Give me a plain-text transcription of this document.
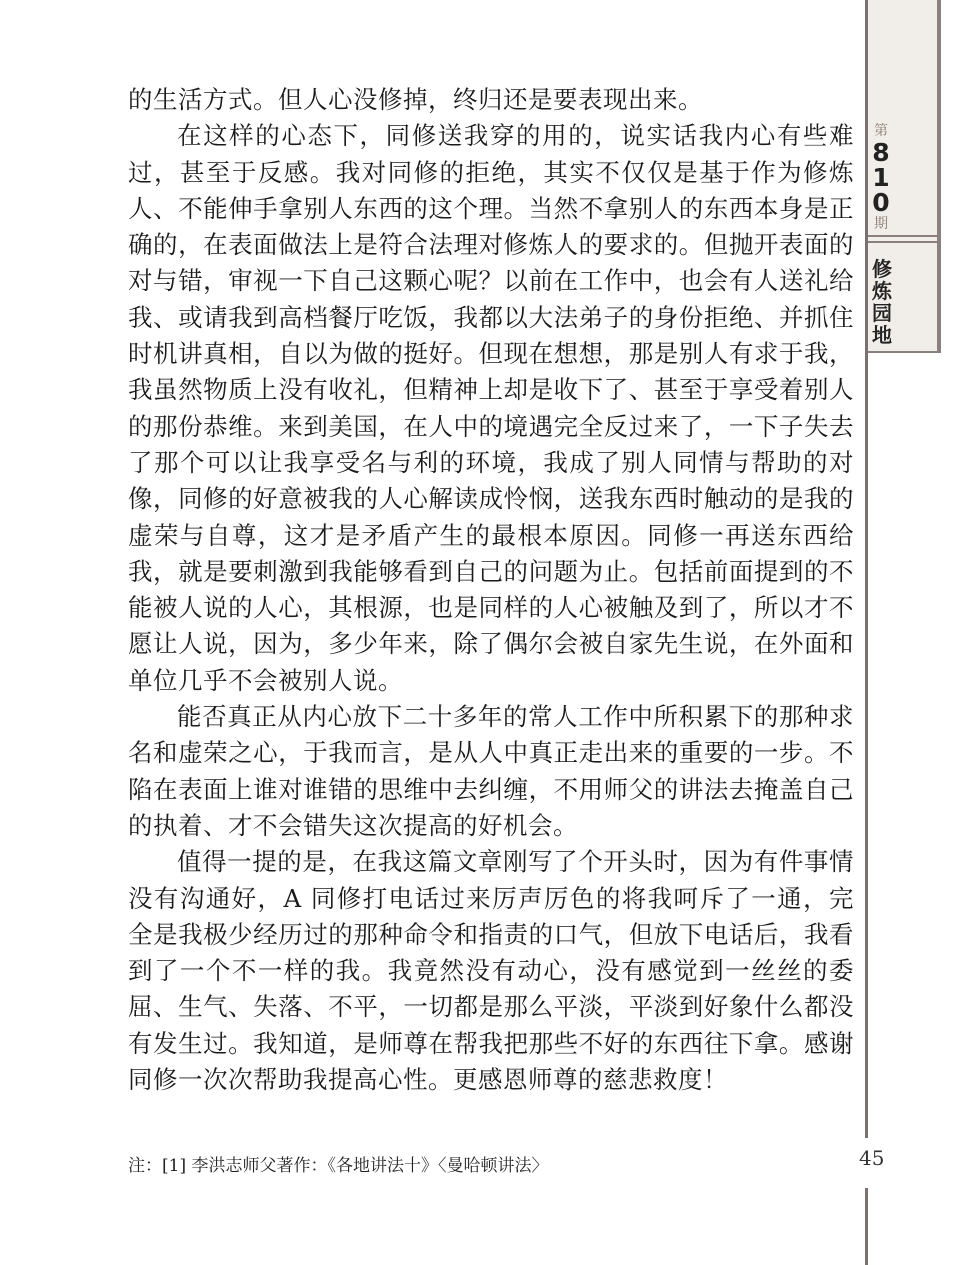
的生活方式。但人心没修掉，终归还是要表现出来。

在这样的心态下，同修送我穿的用的，说实话我内心有些难过，甚至于反感。我对同修的拒绝，其实不仅仅是基于作为修炼人、不能伸手拿别人东西的这个理。当然不拿别人的东西本身是正确的，在表面做法上是符合法理对修炼人的要求的。但抛开表面的对与错，审视一下自己这颗心呢？以前在工作中，也会有人送礼给我、或请我到高档餐厅吃饭，我都以大法弟子的身份拒绝、并抓住时机讲真相，自以为做的挺好。但现在想想，那是别人有求于我，我虽然物质上没有收礼，但精神上却是收下了、甚至于享受着别人的那份恭维。来到美国，在人中的境遇完全反过来了，一下子失去了那个可以让我享受名与利的环境，我成了别人同情与帮助的对像，同修的好意被我的人心解读成怜悯，送我东西时触动的是我的虚荣与自尊，这才是矛盾产生的最根本原因。同修一再送东西给我，就是要刺激到我能够看到自己的问题为止。包括前面提到的不能被人说的人心，其根源，也是同样的人心被触及到了，所以才不愿让人说，因为，多少年来，除了偶尔会被自家先生说，在外面和单位几乎不会被别人说。

能否真正从内心放下二十多年的常人工作中所积累下的那种求名和虚荣之心，于我而言，是从人中真正走出来的重要的一步。不陷在表面上谁对谁错的思维中去纠缠，不用师父的讲法去掩盖自己的执着、才不会错失这次提高的好机会。

值得一提的是，在我这篇文章刚写了个开头时，因为有件事情没有沟通好，A 同修打电话过来厉声厉色的将我呵斥了一通，完全是我极少经历过的那种命令和指责的口气，但放下电话后，我看到了一个不一样的我。我竟然没有动心，没有感觉到一丝丝的委屈、生气、失落、不平，一切都是那么平淡，平淡到好象什么都没有发生过。我知道，是师尊在帮我把那些不好的东西往下拿。感谢同修一次次帮助我提高心性。更感恩师尊的慈悲救度！

注：[1] 李洪志师父著作：《各地讲法十》〈曼哈顿讲法〉	45
第
8
1
0
期
修
炼
园
地
